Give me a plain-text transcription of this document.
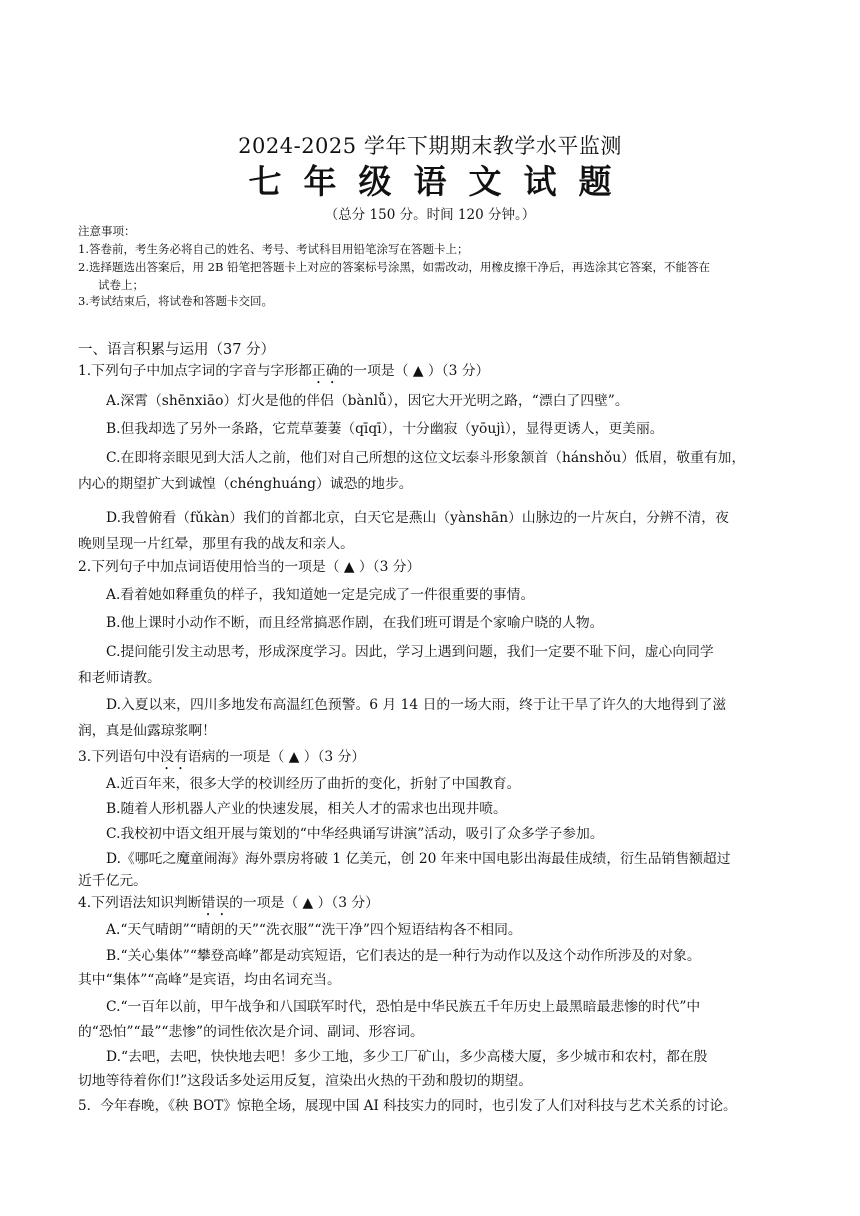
2024-2025 学年下期期末教学水平监测
七年级语文试题
（总分 150 分。时间 120 分钟。）
注意事项：
1.答卷前，考生务必将自己的姓名、考号、考试科目用铅笔涂写在答题卡上；
2.选择题选出答案后，用 2B 铅笔把答题卡上对应的答案标号涂黑，如需改动，用橡皮擦干净后，再选涂其它答案，不能答在
试卷上；
3.考试结束后，将试卷和答题卡交回。
一、语言积累与运用（37 分）
1.下列句子中加点字词的字音与字形都正确的一项是（ ▲ ）（3 分）
A.深霄（shēnxiāo）灯火是他的伴侣（bànlǚ），因它大开光明之路，“漂白了四壁”。
B.但我却选了另外一条路，它荒草萋萋（qīqī），十分幽寂（yōujì），显得更诱人，更美丽。
C.在即将亲眼见到大活人之前，他们对自己所想的这位文坛泰斗形象颔首（hánshǒu）低眉，敬重有加，
内心的期望扩大到诚惶（chénghuáng）诚恐的地步。
D.我曾俯看（fǔkàn）我们的首都北京，白天它是燕山（yànshān）山脉边的一片灰白，分辨不清，夜
晚则呈现一片红晕，那里有我的战友和亲人。
2.下列句子中加点词语使用恰当的一项是（ ▲ ）（3 分）
A.看着她如释重负的样子，我知道她一定是完成了一件很重要的事情。
B.他上课时小动作不断，而且经常搞恶作剧，在我们班可谓是个家喻户晓的人物。
C.提问能引发主动思考，形成深度学习。因此，学习上遇到问题，我们一定要不耻下问，虚心向同学
和老师请教。
D.入夏以来，四川多地发布高温红色预警。6 月 14 日的一场大雨，终于让干旱了许久的大地得到了滋
润，真是仙露琼浆啊！
3.下列语句中没有语病的一项是（ ▲ ）（3 分）
A.近百年来，很多大学的校训经历了曲折的变化，折射了中国教育。
B.随着人形机器人产业的快速发展，相关人才的需求也出现井喷。
C.我校初中语文组开展与策划的“中华经典诵写讲演”活动，吸引了众多学子参加。
D.《哪吒之魔童闹海》海外票房将破 1 亿美元，创 20 年来中国电影出海最佳成绩，衍生品销售额超过
近千亿元。
4.下列语法知识判断错误的一项是（ ▲ ）（3 分）
A.“天气晴朗”“晴朗的天”“洗衣服”“洗干净”四个短语结构各不相同。
B.“关心集体”“攀登高峰”都是动宾短语，它们表达的是一种行为动作以及这个动作所涉及的对象。
其中“集体”“高峰”是宾语，均由名词充当。
C.“一百年以前，甲午战争和八国联军时代，恐怕是中华民族五千年历史上最黑暗最悲惨的时代”中
的“恐怕”“最”“悲惨”的词性依次是介词、副词、形容词。
D.“去吧，去吧，快快地去吧！多少工地，多少工厂矿山，多少高楼大厦，多少城市和农村，都在殷
切地等待着你们!”这段话多处运用反复，渲染出火热的干劲和殷切的期望。
5．今年春晚，《秧 BOT》惊艳全场，展现中国 AI 科技实力的同时，也引发了人们对科技与艺术关系的讨论。
